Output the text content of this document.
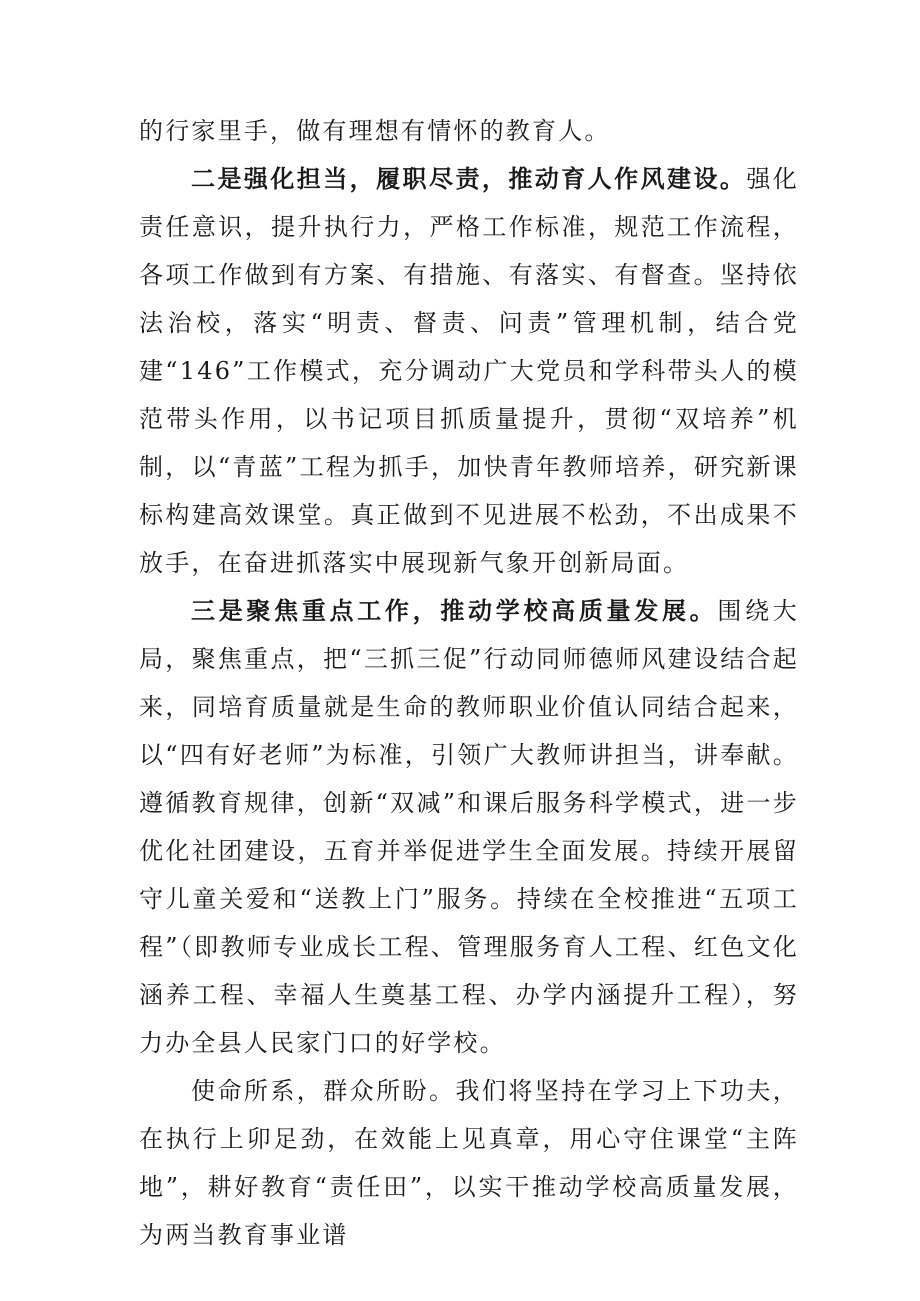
的行家里手，做有理想有情怀的教育人。

二是强化担当，履职尽责，推动育人作风建设。强化责任意识，提升执行力，严格工作标准，规范工作流程，各项工作做到有方案、有措施、有落实、有督查。坚持依法治校，落实“明责、督责、问责”管理机制，结合党建“146”工作模式，充分调动广大党员和学科带头人的模范带头作用，以书记项目抓质量提升，贯彻“双培养”机制，以“青蓝”工程为抓手，加快青年教师培养，研究新课标构建高效课堂。真正做到不见进展不松劲，不出成果不放手，在奋进抓落实中展现新气象开创新局面。

三是聚焦重点工作，推动学校高质量发展。围绕大局，聚焦重点，把“三抓三促”行动同师德师风建设结合起来，同培育质量就是生命的教师职业价值认同结合起来，以“四有好老师”为标准，引领广大教师讲担当，讲奉献。遵循教育规律，创新“双减”和课后服务科学模式，进一步优化社团建设，五育并举促进学生全面发展。持续开展留守儿童关爱和“送教上门”服务。持续在全校推进“五项工程”（即教师专业成长工程、管理服务育人工程、红色文化涵养工程、幸福人生奠基工程、办学内涵提升工程），努力办全县人民家门口的好学校。

使命所系，群众所盼。我们将坚持在学习上下功夫，在执行上卯足劲，在效能上见真章，用心守住课堂“主阵地”，耕好教育“责任田”，以实干推动学校高质量发展，为两当教育事业谱
